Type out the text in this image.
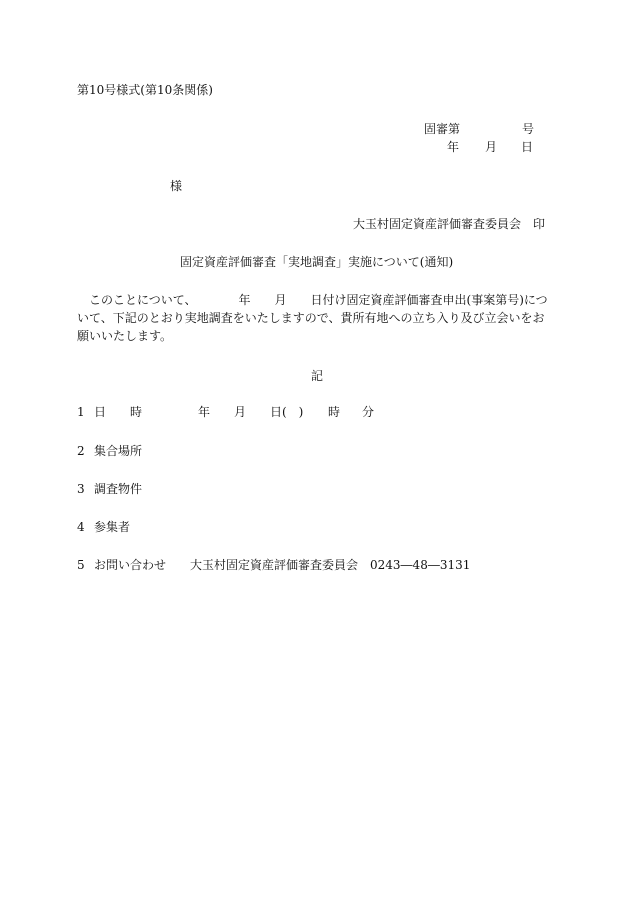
第10号様式(第10条関係)
固審第	号
年 月 日
様
大玉村固定資産評価審査委員会 印
固定資産評価審査「実地調査」実施について(通知)

このことについて、　　　　年　　月　　日付け固定資産評価審査申出(事案第号)について、下記のとおり実地調査をいたしますので、貴所有地への立ち入り及び立会いをお願いいたします。

記
1 日　　時	年 月 日(　) 時 分
2 集合場所
3 調査物件
4 参集者
5 お問い合わせ 大玉村固定資産評価審査委員会 0243―48―3131
